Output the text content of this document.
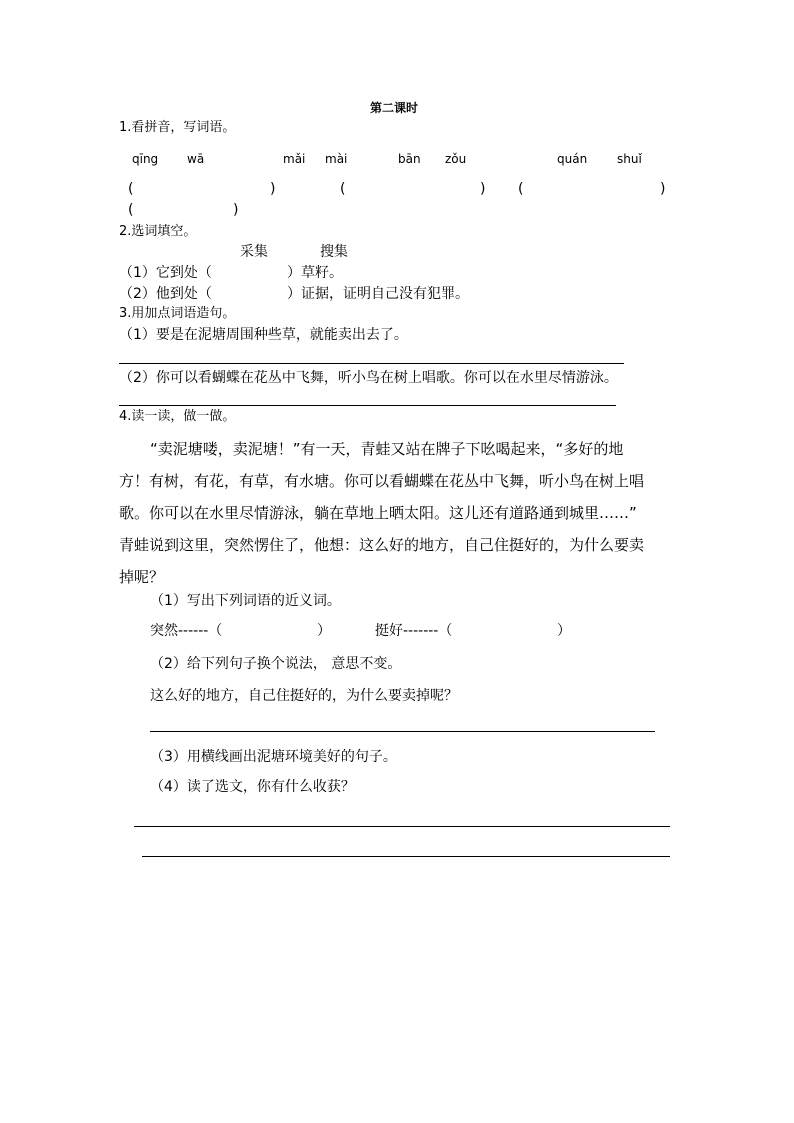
第二课时
1.看拼音，写词语。
qīng wā	mǎi mài	bān zǒu	quán shuǐ
(	)	(	) (	)
(	)
2.选词填空。
采集	搜集
（1）它到处（	）草籽。
（2）他到处（	）证据，证明自己没有犯罪。
3.用加点词语造句。
（1）要是在泥塘周围种些草，就能卖出去了。
（2）你可以看蝴蝶在花丛中飞舞，听小鸟在树上唱歌。你可以在水里尽情游泳。
4.读一读，做一做。
“卖泥塘喽，卖泥塘！”有一天，青蛙又站在牌子下吆喝起来，“多好的地
方！有树，有花，有草，有水塘。你可以看蝴蝶在花丛中飞舞，听小鸟在树上唱
歌。你可以在水里尽情游泳，躺在草地上晒太阳。这儿还有道路通到城里……”
青蛙说到这里，突然愣住了，他想：这么好的地方，自己住挺好的，为什么要卖
掉呢？
（1）写出下列词语的近义词。
突然------（	）	挺好-------（	）
（2）给下列句子换个说法， 意思不变。
这么好的地方，自己住挺好的，为什么要卖掉呢？
（3）用横线画出泥塘环境美好的句子。
（4）读了选文，你有什么收获？
